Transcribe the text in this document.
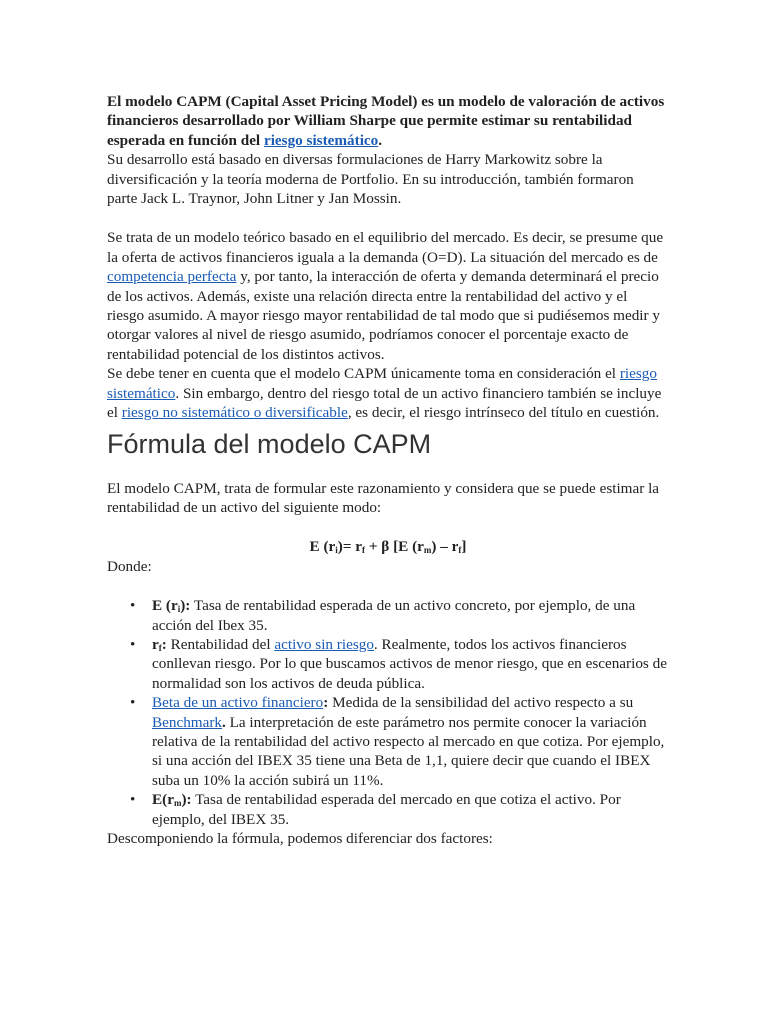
El modelo CAPM (Capital Asset Pricing Model) es un modelo de valoración de activos financieros desarrollado por William Sharpe que permite estimar su rentabilidad esperada en función del riesgo sistemático.

Su desarrollo está basado en diversas formulaciones de Harry Markowitz sobre la diversificación y la teoría moderna de Portfolio. En su introducción, también formaron parte Jack L. Traynor, John Litner y Jan Mossin.

Se trata de un modelo teórico basado en el equilibrio del mercado. Es decir, se presume que la oferta de activos financieros iguala a la demanda (O=D). La situación del mercado es de competencia perfecta y, por tanto, la interacción de oferta y demanda determinará el precio de los activos. Además, existe una relación directa entre la rentabilidad del activo y el riesgo asumido. A mayor riesgo mayor rentabilidad de tal modo que si pudiésemos medir y otorgar valores al nivel de riesgo asumido, podríamos conocer el porcentaje exacto de rentabilidad potencial de los distintos activos.

Se debe tener en cuenta que el modelo CAPM únicamente toma en consideración el riesgo sistemático. Sin embargo, dentro del riesgo total de un activo financiero también se incluye el riesgo no sistemático o diversificable, es decir, el riesgo intrínseco del título en cuestión.

Fórmula del modelo CAPM

El modelo CAPM, trata de formular este razonamiento y considera que se puede estimar la rentabilidad de un activo del siguiente modo:

E $(r_i)= r_f + \beta$ [E $(r_m) - r_f$]

Donde:

• E $(r_i)$: Tasa de rentabilidad esperada de un activo concreto, por ejemplo, de una acción del Ibex 35.
• $r_f$: Rentabilidad del activo sin riesgo. Realmente, todos los activos financieros conllevan riesgo. Por lo que buscamos activos de menor riesgo, que en escenarios de normalidad son los activos de deuda pública.
• Beta de un activo financiero: Medida de la sensibilidad del activo respecto a su Benchmark. La interpretación de este parámetro nos permite conocer la variación relativa de la rentabilidad del activo respecto al mercado en que cotiza. Por ejemplo, si una acción del IBEX 35 tiene una Beta de 1,1, quiere decir que cuando el IBEX suba un 10% la acción subirá un 11%.
• $E(r_m)$: Tasa de rentabilidad esperada del mercado en que cotiza el activo. Por ejemplo, del IBEX 35.

Descomponiendo la fórmula, podemos diferenciar dos factores:
